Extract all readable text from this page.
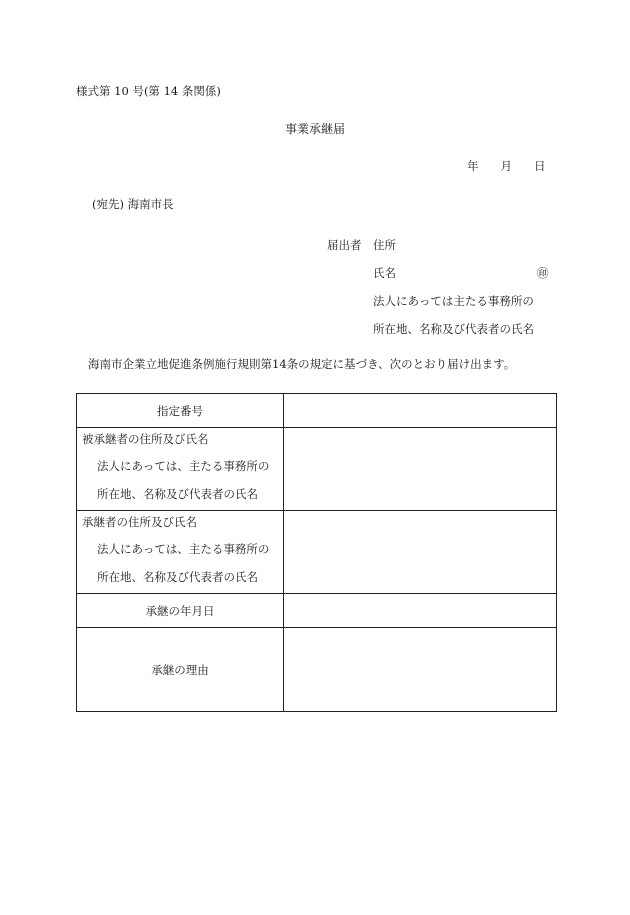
様式第 10 号(第 14 条関係)
事業承継届
年 月 日
(宛先) 海南市長
届出者 住所
氏名	㊞
法人にあっては主たる事務所の
所在地、名称及び代表者の氏名
海南市企業立地促進条例施行規則第14条の規定に基づき、次のとおり届け出ます。
指定番号	

被承継者の住所及び氏名
法人にあっては、主たる事務所の
所在地、名称及び代表者の氏名	

承継者の住所及び氏名
法人にあっては、主たる事務所の
所在地、名称及び代表者の氏名	

承継の年月日	
承継の理由	
